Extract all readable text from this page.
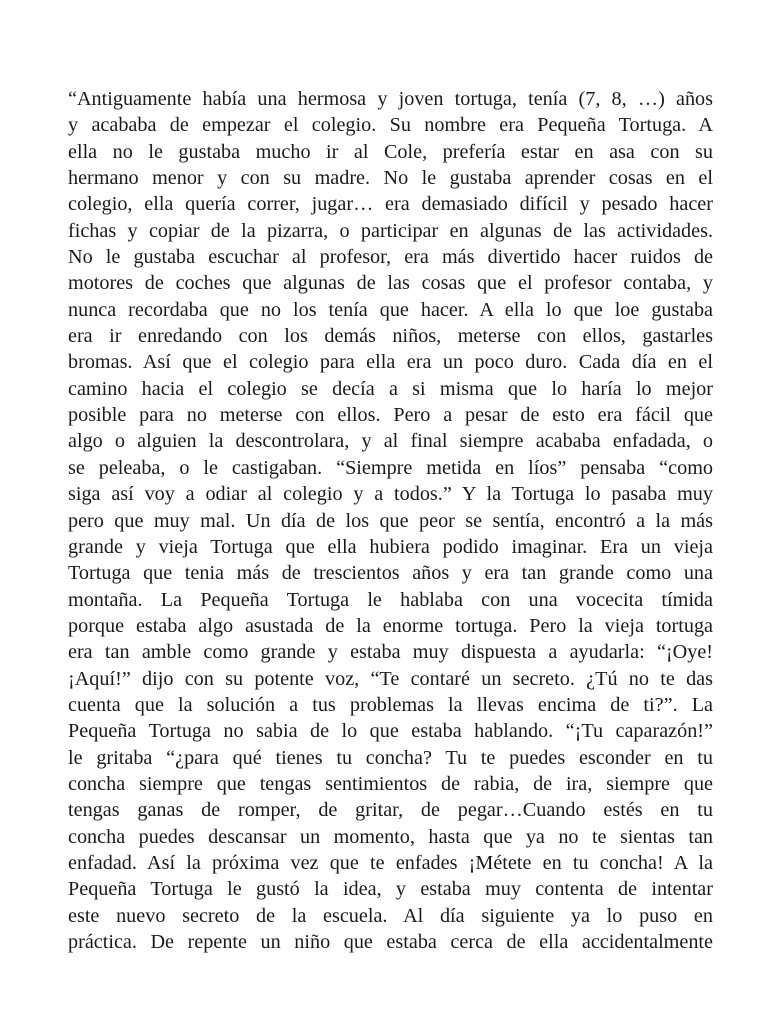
“Antiguamente había una hermosa y joven tortuga, tenía (7, 8, …) años
y acababa de empezar el colegio. Su nombre era Pequeña Tortuga. A
ella no le gustaba mucho ir al Cole, prefería estar en asa con su
hermano menor y con su madre. No le gustaba aprender cosas en el
colegio, ella quería correr, jugar… era demasiado difícil y pesado hacer
fichas y copiar de la pizarra, o participar en algunas de las actividades.
No le gustaba escuchar al profesor, era más divertido hacer ruidos de
motores de coches que algunas de las cosas que el profesor contaba, y
nunca recordaba que no los tenía que hacer. A ella lo que loe gustaba
era ir enredando con los demás niños, meterse con ellos, gastarles
bromas. Así que el colegio para ella era un poco duro. Cada día en el
camino hacia el colegio se decía a si misma que lo haría lo mejor
posible para no meterse con ellos. Pero a pesar de esto era fácil que
algo o alguien la descontrolara, y al final siempre acababa enfadada, o
se peleaba, o le castigaban. “Siempre metida en líos” pensaba “como
siga así voy a odiar al colegio y a todos.” Y la Tortuga lo pasaba muy
pero que muy mal. Un día de los que peor se sentía, encontró a la más
grande y vieja Tortuga que ella hubiera podido imaginar. Era un vieja
Tortuga que tenia más de trescientos años y era tan grande como una
montaña. La Pequeña Tortuga le hablaba con una vocecita tímida
porque estaba algo asustada de la enorme tortuga. Pero la vieja tortuga
era tan amble como grande y estaba muy dispuesta a ayudarla: “¡Oye!
¡Aquí!” dijo con su potente voz, “Te contaré un secreto. ¿Tú no te das
cuenta que la solución a tus problemas la llevas encima de ti?”. La
Pequeña Tortuga no sabia de lo que estaba hablando. “¡Tu caparazón!”
le gritaba “¿para qué tienes tu concha? Tu te puedes esconder en tu
concha siempre que tengas sentimientos de rabia, de ira, siempre que
tengas ganas de romper, de gritar, de pegar…Cuando estés en tu
concha puedes descansar un momento, hasta que ya no te sientas tan
enfadad. Así la próxima vez que te enfades ¡Métete en tu concha! A la
Pequeña Tortuga le gustó la idea, y estaba muy contenta de intentar
este nuevo secreto de la escuela. Al día siguiente ya lo puso en
práctica. De repente un niño que estaba cerca de ella accidentalmente
